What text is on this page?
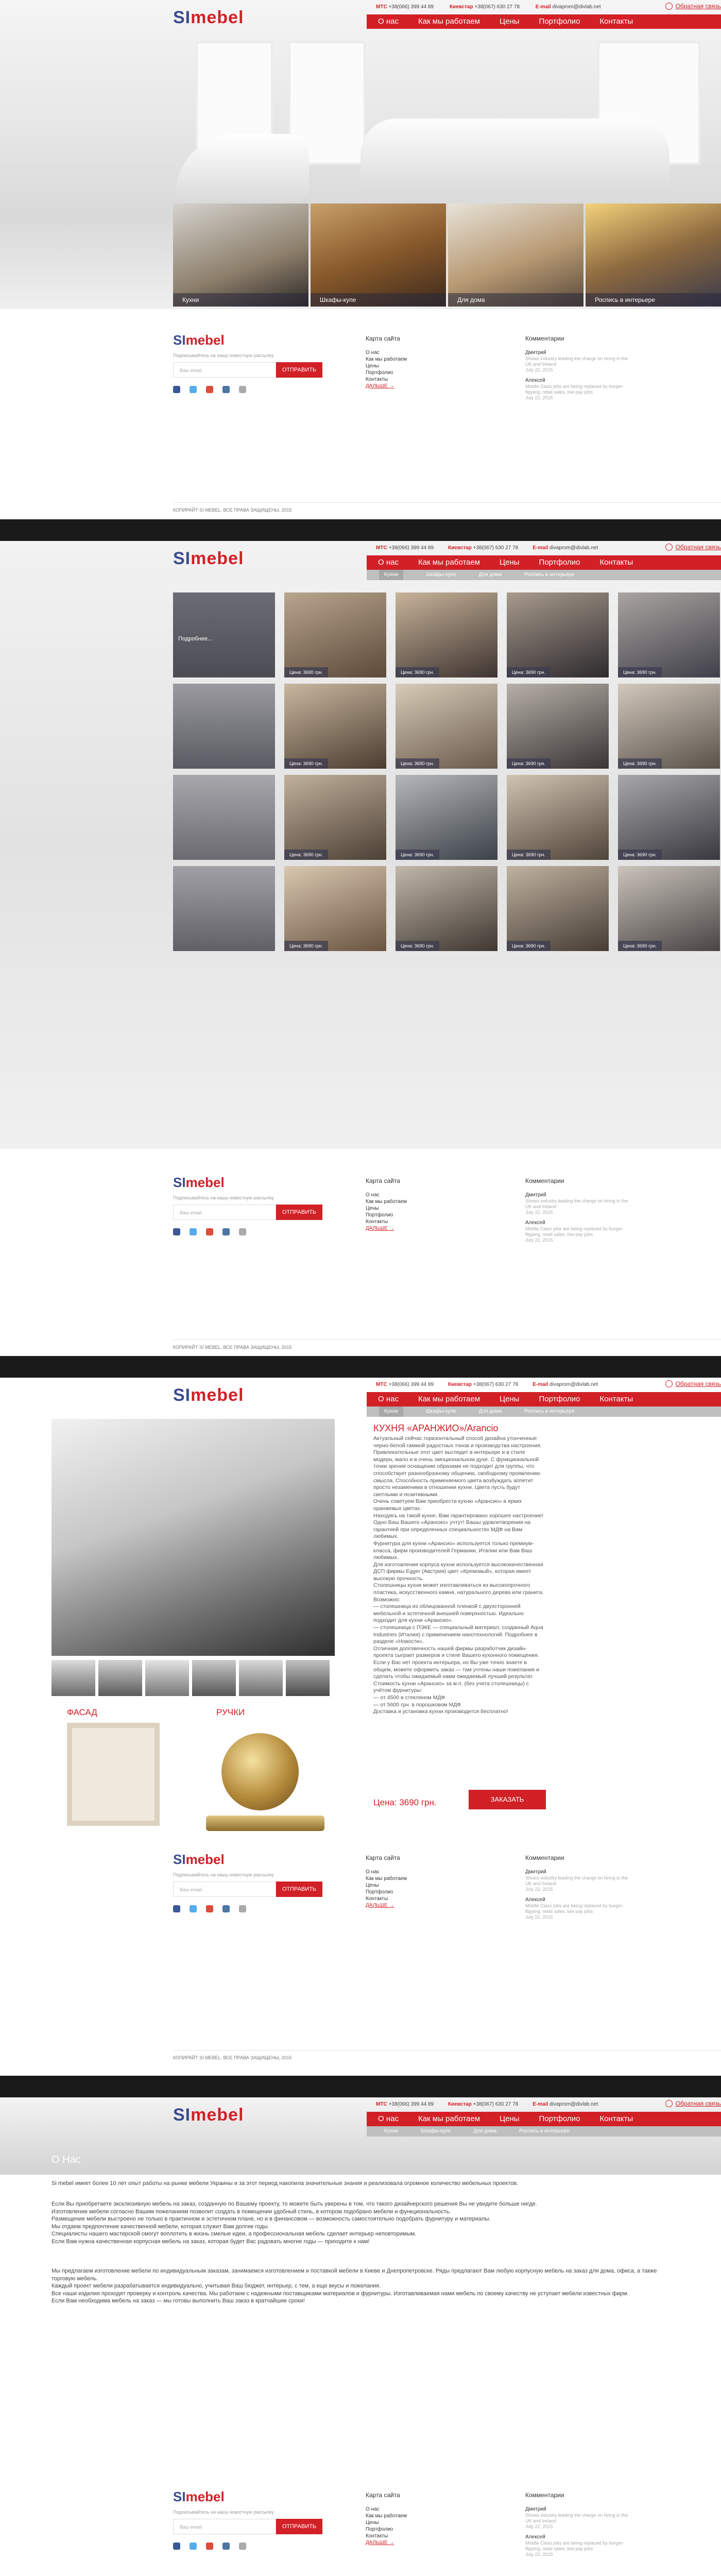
SImebel
МТС +38(066) 399 44 89	Киевстар +38(067) 630 27 78	E-mail divaprom@divlab.net	Обратная связь
О нас	Как мы работаем	Цены	Портфолио	Контакты
Кухни	Шкафы-купе	Для дома	Роспись в интерьере
SImebel
Подписывайтесь на нашу новостную рассылку
Ваш email	ОТПРАВИТЬ
Карта сайта
О нас
Как мы работаем
Цены
Портфолио
Контакты
ДАЛЬШЕ →
Комментарии
Дмитрий

Shows industry leading the charge on hiring in the UK and Ireland

July 22, 2015

Алексей

Middle Class jobs are being replaced by burger-flipping, retail sales, low pay jobs

July 22, 2015

КОПИРАЙТ SI MEBEL. ВСЕ ПРАВА ЗАЩИЩЕНЫ, 2015
SImebel
МТС +38(066) 399 44 89	Киевстар +38(067) 630 27 78	E-mail divaprom@divlab.net	Обратная связь
О нас	Как мы работаем	Цены	Портфолио	Контакты
Кухни	Шкафы-купе	Для дома	Роспись в интерьере
Подробнее...
Цена: 3690 грн.	Цена: 3690 грн.	Цена: 3690 грн.	Цена: 3690 грн.
Цена: 3690 грн.	Цена: 3690 грн.	Цена: 3690 грн.	Цена: 3690 грн.
Цена: 3690 грн.	Цена: 3690 грн.	Цена: 3690 грн.	Цена: 3690 грн.
Цена: 3690 грн.	Цена: 3690 грн.	Цена: 3690 грн.	Цена: 3690 грн.
SImebel
Подписывайтесь на нашу новостную рассылку
Ваш email	ОТПРАВИТЬ
Карта сайта
О нас
Как мы работаем
Цены
Портфолио
Контакты
ДАЛЬШЕ →
Комментарии
Дмитрий

Shows industry leading the charge on hiring in the UK and Ireland

July 22, 2015

Алексей

Middle Class jobs are being replaced by burger-flipping, retail sales, low pay jobs

July 22, 2015

КОПИРАЙТ SI MEBEL. ВСЕ ПРАВА ЗАЩИЩЕНЫ, 2015
SImebel
МТС +38(066) 399 44 89	Киевстар +38(067) 630 27 78	E-mail divaprom@divlab.net	Обратная связь
О нас	Как мы работаем	Цены	Портфолио	Контакты
Кухни	Шкафы-купе	Для дома	Роспись в интерьере
КУХНЯ «АРАНЖИО»/Arancio
Актуальный сейчас горизонтальный способ дизайна утонченные черно-белой гаммой радостных тонов и производства настроения. Привлекательные этот цвет выглядит в интерьере и в стиле модерн, мало и в очень эмоциональном духе. С функциональной точки зрения оснащение образами не подходит для группы, что способствует разнообразному общению, свободному проявлению смысла. Способность применяемого цвета возбуждать аппетит просто незаменима в отношении кухни. Цвета пусть будут светлыми и позитивными.
Очень советуем Вам приобрести кухню «Арансио» в ярких оранжевых цветах.
Находясь на такой кухне, Вам гарантировано хорошее настроение!
Одно Ваш Вашего «Арансио» учтут! Вашы удовлетворения на гарантией при определенных специальностях МДФ на Вам любимых.
Фурнитура для кухни «Арансио» используется только премиум-класса, фирм производителей Германии, Италии или Вам Ваш любимых.
Для изготовления корпуса кухни используется высококачественная ДСП фирмы Egger (Австрия) цвет «Кремовый», которая имеет высокую прочность.
Столешницы кухни может изготавливаться из высокопрочного пластика, искусственного камня, натурального дерева или гранита.
Возможно:
— столешница из облицованной пленкой с двухсторонней мебельной и эстетичной внешней поверхностью. Идеально подходит для кухни «Арансио».
— столешница с ПЭКЕ — специальный материал, созданный Aqua Industries (Италия) с применением нанотехнологий. Подробнее в разделе «Новости».
Отличная долговечность нашей фирмы разработчик дизайн-проекта сыграет размеров и стиле Вашего кухонного помещения.
Если у Вас нет проекта интерьера, но Вы уже точно знаете в общем, можете оформить заказ — там учтены наши пожелания и сделать чтобы ожидаемый нами ожидаемый лучший результат.
Стоимость кухни «Арансио» за м.п. (без учета столешницы) с учётом фурнитуры:
— от 4500 в стекляном МДФ
— от 5600 грн. в порошковом МДФ
Доставка и установка кухни производится бесплатно!
ФАСАД	РУЧКИ
Цена: 3690 грн.	ЗАКАЗАТЬ
SImebel
Подписывайтесь на нашу новостную рассылку
Ваш email	ОТПРАВИТЬ
Карта сайта
О нас
Как мы работаем
Цены
Портфолио
Контакты
ДАЛЬШЕ →
Комментарии
Дмитрий

Shows industry leading the charge on hiring in the UK and Ireland

July 22, 2015

Алексей

Middle Class jobs are being replaced by burger-flipping, retail sales, low pay jobs

July 22, 2015

КОПИРАЙТ SI MEBEL. ВСЕ ПРАВА ЗАЩИЩЕНЫ, 2015
SImebel
МТС +38(066) 399 44 89	Киевстар +38(067) 630 27 78	E-mail divaprom@divlab.net	Обратная связь
О нас	Как мы работаем	Цены	Портфолио	Контакты
Кухни	Шкафы-купе	Для дома	Роспись в интерьере
О Нас
Si mebel имеет более 10 лет опыт работы на рынке мебели Украины и за этот период накопила значительные знания и реализовала огромное количество мебельных проектов.
Если Вы приобретаете эксклюзивную мебель на заказ, созданную по Вашему проекту, то можете быть уверены в том, что такого дизайнерского решения Вы не увидите больше нигде.
Изготовление мебели согласно Вашим пожеланиям позволит создать в помещении удобный стиль, в котором подобрано мебели и функциональность.
Размещение мебели выстроено не только в практичном и эстетичном плане, но и в финансовом — возможность самостоятельно подобрать фурнитуру и материалы.
Мы отдаем предпочтение качественной мебели, которая служит Вам долгие годы.
Специалисты нашего мастерской смогут воплотить в жизнь смелые идеи, а профессиональная мебель сделает интерьер неповторимым.
Если Вам нужна качественная корпусная мебель на заказ, которая будет Вас радовать многие годы — приходите к нам!
Мы предлагаем изготовление мебели по индивидуальным заказам, занимаемся изготовлением и поставкой мебели в Киеве и Днепропетровске. Ряды предлагают Вам любую корпусную мебель на заказ для дома, офиса, а также торговую мебель.
Каждый проект мебели разрабатывается индивидуально, учитывая Ваш бюджет, интерьер, с тем, а еще вкусы и пожелания.
Все наши изделия проходят проверку и контроль качества. Мы работаем с надежными поставщиками материалов и фурнитуры. Изготавливаемая нами мебель по своему качеству не уступает мебели известных фирм.
Если Вам необходима мебель на заказ — мы готовы выполнить Ваш заказ в кратчайшие сроки!
SImebel
Подписывайтесь на нашу новостную рассылку
Ваш email	ОТПРАВИТЬ
Карта сайта
О нас
Как мы работаем
Цены
Портфолио
Контакты
ДАЛЬШЕ →
Комментарии
Дмитрий

Shows industry leading the charge on hiring in the UK and Ireland

July 22, 2015

Алексей

Middle Class jobs are being replaced by burger-flipping, retail sales, low pay jobs

July 22, 2015
